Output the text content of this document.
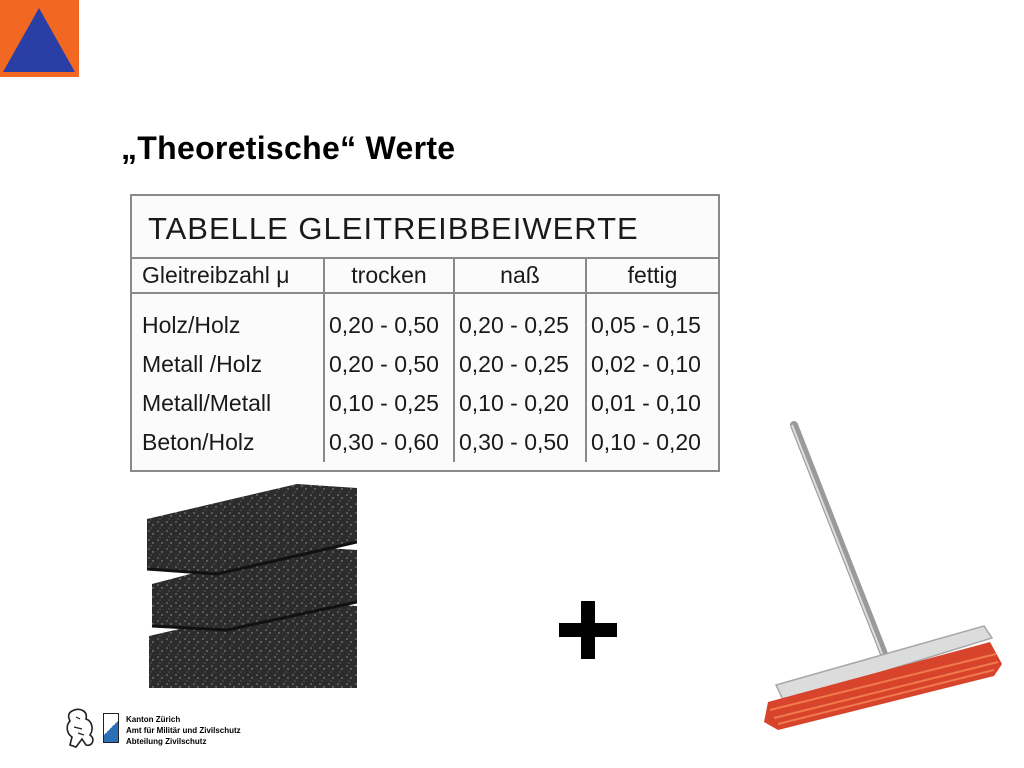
„Theoretische“ Werte
TABELLE GLEITREIBBEIWERTE
Gleitreibzahl μ	trocken	naß	fettig
Holz/Holz	0,20 - 0,50	0,20 - 0,25	0,05 - 0,15
Metall /Holz	0,20 - 0,50	0,20 - 0,25	0,02 - 0,10
Metall/Metall	0,10 - 0,25	0,10 - 0,20	0,01 - 0,10
Beton/Holz	0,30 - 0,60	0,30 - 0,50	0,10 - 0,20
Kanton Zürich
Amt für Militär und Zivilschutz
Abteilung Zivilschutz
